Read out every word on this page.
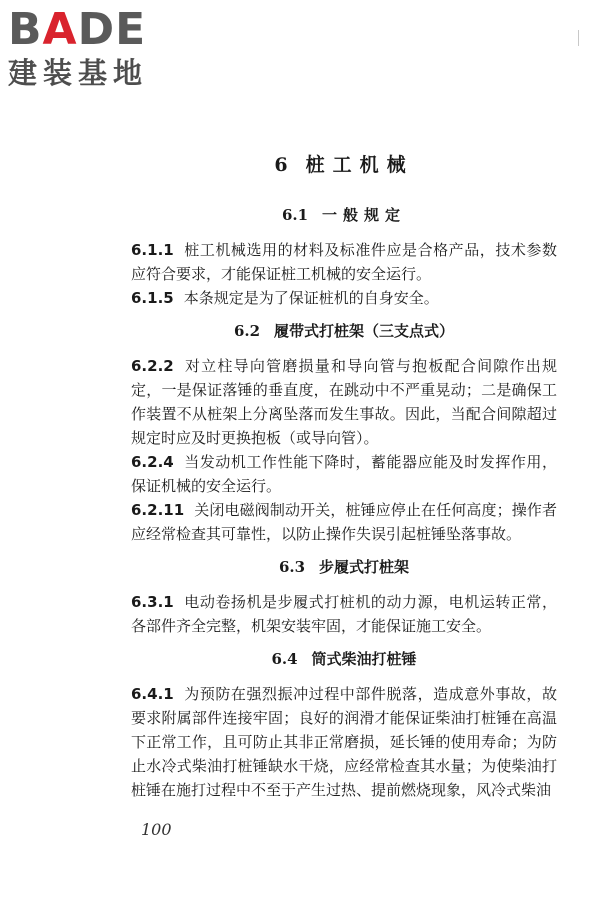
B A DE
建装基地
6 桩工机械
6.1 一般规定

6.1.1 桩工机械选用的材料及标准件应是合格产品，技术参数应符合要求，才能保证桩工机械的安全运行。

6.1.5 本条规定是为了保证桩机的自身安全。

6.2 履带式打桩架（三支点式）

6.2.2 对立柱导向管磨损量和导向管与抱板配合间隙作出规定，一是保证落锤的垂直度，在跳动中不严重晃动；二是确保工作装置不从桩架上分离坠落而发生事故。因此，当配合间隙超过规定时应及时更换抱板（或导向管）。

6.2.4 当发动机工作性能下降时，蓄能器应能及时发挥作用，保证机械的安全运行。

6.2.11 关闭电磁阀制动开关，桩锤应停止在任何高度；操作者应经常检查其可靠性，以防止操作失误引起桩锤坠落事故。

6.3 步履式打桩架

6.3.1 电动卷扬机是步履式打桩机的动力源，电机运转正常，各部件齐全完整，机架安装牢固，才能保证施工安全。

6.4 筒式柴油打桩锤

6.4.1 为预防在强烈振冲过程中部件脱落，造成意外事故，故要求附属部件连接牢固；良好的润滑才能保证柴油打桩锤在高温下正常工作，且可防止其非正常磨损，延长锤的使用寿命；为防止水冷式柴油打桩锤缺水干烧，应经常检查其水量；为使柴油打桩锤在施打过程中不至于产生过热、提前燃烧现象，风冷式柴油

100
